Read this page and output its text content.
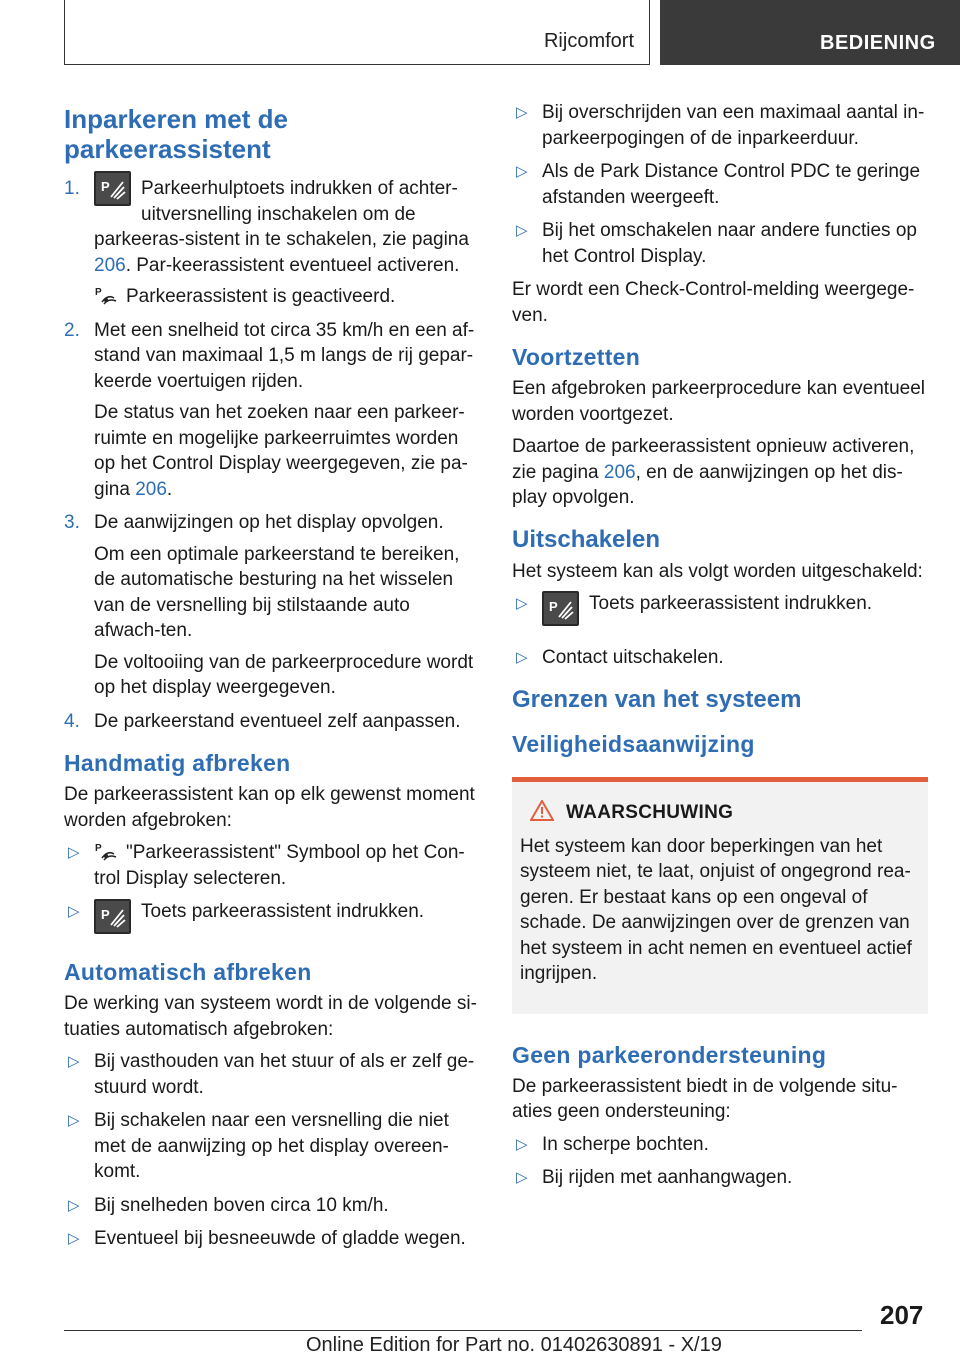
Rijcomfort	BEDIENING
Inparkeren met de parkeerassistent
1. P Parkeerhulptoets indrukken of achter-uitversnelling inschakelen om de parkeeras-sistent in te schakelen, zie pagina 206. Par-keerassistent eventueel activeren.

P Parkeerassistent is geactiveerd.

2. Met een snelheid tot circa 35 km/h en een af-stand van maximaal 1,5 m langs de rij gepar-keerde voertuigen rijden.

De status van het zoeken naar een parkeer-ruimte en mogelijke parkeerruimtes worden op het Control Display weergegeven, zie pa-gina 206.

3. De aanwijzingen op het display opvolgen.

Om een optimale parkeerstand te bereiken, de automatische besturing na het wisselen van de versnelling bij stilstaande auto afwach-ten.

De voltooiing van de parkeerprocedure wordt op het display weergegeven.

4. De parkeerstand eventueel zelf aanpassen.

Handmatig afbreken

De parkeerassistent kan op elk gewenst moment worden afgebroken:

▷ P "Parkeerassistent" Symbool op het Con-trol Display selecteren.
▷ P Toets parkeerassistent indrukken.
Automatisch afbreken

De werking van systeem wordt in de volgende si-tuaties automatisch afgebroken:

▷ Bij vasthouden van het stuur of als er zelf ge-stuurd wordt.
▷ Bij schakelen naar een versnelling die niet met de aanwijzing op het display overeen-komt.
▷ Bij snelheden boven circa 10 km/h.
▷ Eventueel bij besneeuwde of gladde wegen.
▷ Bij overschrijden van een maximaal aantal in-parkeerpogingen of de inparkeerduur.
▷ Als de Park Distance Control PDC te geringe afstanden weergeeft.
▷ Bij het omschakelen naar andere functies op het Control Display.

Er wordt een Check-Control-melding weergege-ven.

Voortzetten

Een afgebroken parkeerprocedure kan eventueel worden voortgezet.

Daartoe de parkeerassistent opnieuw activeren, zie pagina 206, en de aanwijzingen op het dis-play opvolgen.

Uitschakelen

Het systeem kan als volgt worden uitgeschakeld:

▷ P Toets parkeerassistent indrukken.
▷ Contact uitschakelen.
Grenzen van het systeem
Veiligheidsaanwijzing
WAARSCHUWING

Het systeem kan door beperkingen van het systeem niet, te laat, onjuist of ongegrond rea-geren. Er bestaat kans op een ongeval of schade. De aanwijzingen over de grenzen van het systeem in acht nemen en eventueel actief ingrijpen.

Geen parkeerondersteuning

De parkeerassistent biedt in de volgende situ-aties geen ondersteuning:

▷ In scherpe bochten.
▷ Bij rijden met aanhangwagen.
207
Online Edition for Part no. 01402630891 - X/19
